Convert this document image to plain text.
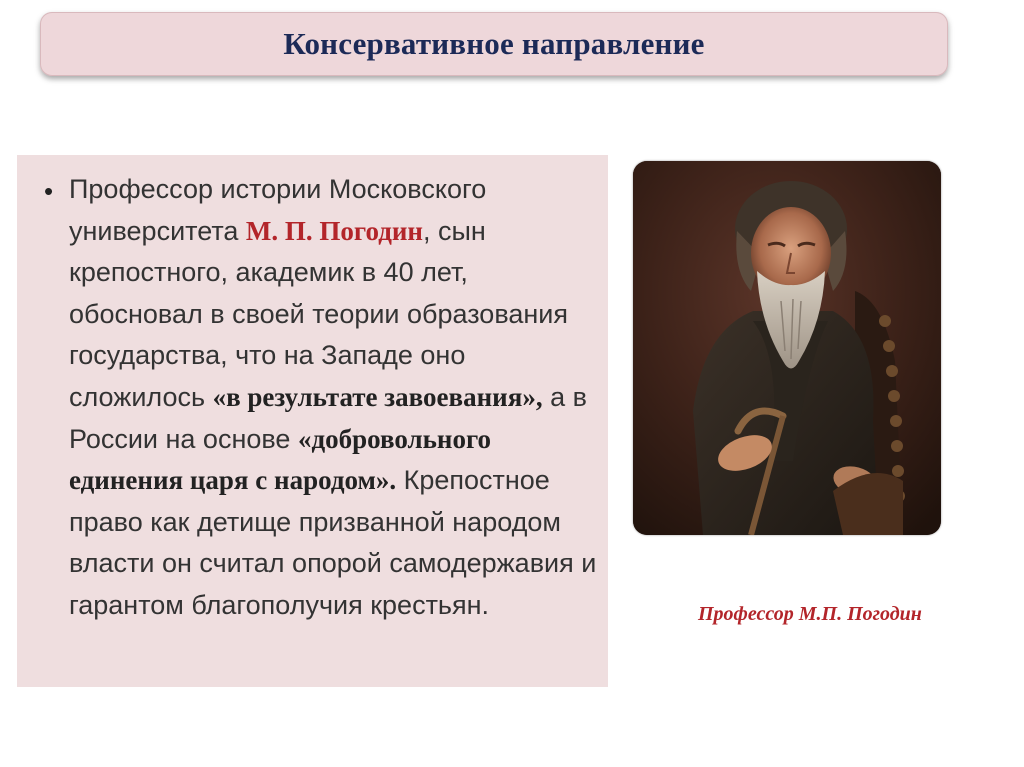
Консервативное направление
• Профессор истории Московского университета М. П. Погодин, сын крепостного, академик в 40 лет, обосновал в своей теории образования государства, что на Западе оно сложилось «в результате завоевания», а в России на основе «добровольного единения царя с народом». Крепостное право как детище призванной народом власти он считал опорой самодержавия и гарантом благополучия крестьян.	Профессор М.П. Погодин
